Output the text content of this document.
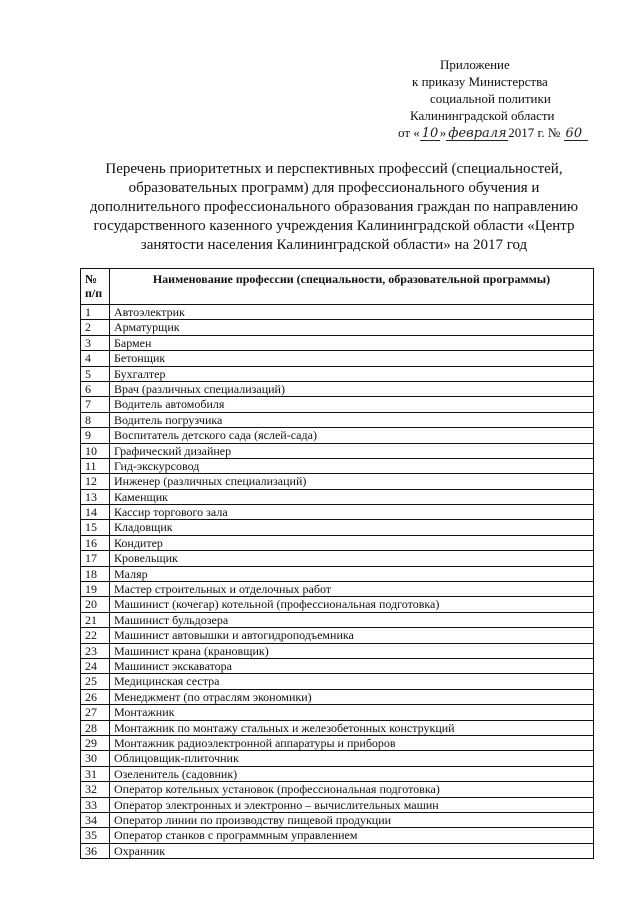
Приложение
к приказу Министерства
социальной политики
Калининградской области
от « 10» февраля 2017 г. № 60
Перечень приоритетных и перспективных профессий (специальностей, образовательных программ) для профессионального обучения и дополнительного профессионального образования граждан по направлению государственного казенного учреждения Калининградской области «Центр занятости населения Калининградской области» на 2017 год
№
п/п	Наименование профессии (специальности, образовательной программы)
1	Автоэлектрик
2	Арматурщик
3	Бармен
4	Бетонщик
5	Бухгалтер
6	Врач (различных специализаций)
7	Водитель автомобиля
8	Водитель погрузчика
9	Воспитатель детского сада (яслей-сада)
10	Графический дизайнер
11	Гид-экскурсовод
12	Инженер (различных специализаций)
13	Каменщик
14	Кассир торгового зала
15	Кладовщик
16	Кондитер
17	Кровельщик
18	Маляр
19	Мастер строительных и отделочных работ
20	Машинист (кочегар) котельной (профессиональная подготовка)
21	Машинист бульдозера
22	Машинист автовышки и автогидроподъемника
23	Машинист крана (крановщик)
24	Машинист экскаватора
25	Медицинская сестра
26	Менеджмент (по отраслям экономики)
27	Монтажник
28	Монтажник по монтажу стальных и железобетонных конструкций
29	Монтажник радиоэлектронной аппаратуры и приборов
30	Облицовщик-плиточник
31	Озеленитель (садовник)
32	Оператор котельных установок (профессиональная подготовка)
33	Оператор электронных и электронно – вычислительных машин
34	Оператор линии по производству пищевой продукции
35	Оператор станков с программным управлением
36	Охранник
